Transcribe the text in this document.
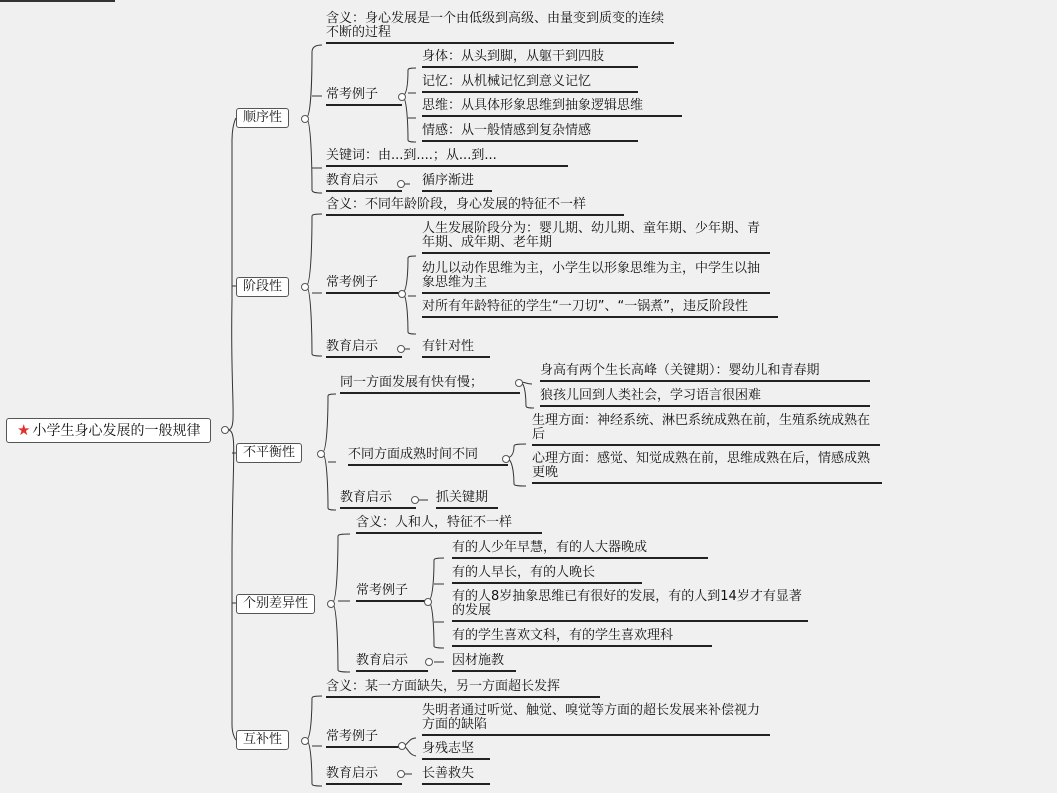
★ 小学生身心发展的一般规律
顺序性
含义：身心发展是一个由低级到高级、由量变到质变的连续不断的过程
常考例子
身体：从头到脚，从躯干到四肢
记忆：从机械记忆到意义记忆
思维：从具体形象思维到抽象逻辑思维
情感：从一般情感到复杂情感
关键词：由...到....；从...到...
教育启示	循序渐进
阶段性
含义：不同年龄阶段，身心发展的特征不一样
常考例子
人生发展阶段分为：婴儿期、幼儿期、童年期、少年期、青年期、成年期、老年期
幼儿以动作思维为主，小学生以形象思维为主，中学生以抽象思维为主
对所有年龄特征的学生“一刀切”、“一锅煮”，违反阶段性
教育启示	有针对性
不平衡性
同一方面发展有快有慢；
身高有两个生长高峰（关键期）：婴幼儿和青春期
狼孩儿回到人类社会，学习语言很困难
不同方面成熟时间不同
生理方面：神经系统、淋巴系统成熟在前，生殖系统成熟在后
心理方面：感觉、知觉成熟在前，思维成熟在后，情感成熟更晚
教育启示	抓关键期
个别差异性
含义：人和人，特征不一样
常考例子
有的人少年早慧，有的人大器晚成
有的人早长，有的人晚长
有的人8岁抽象思维已有很好的发展，有的人到14岁才有显著的发展
有的学生喜欢文科，有的学生喜欢理科
教育启示	因材施教
互补性
含义：某一方面缺失，另一方面超长发挥
常考例子
失明者通过听觉、触觉、嗅觉等方面的超长发展来补偿视力方面的缺陷
身残志坚
教育启示	长善救失
